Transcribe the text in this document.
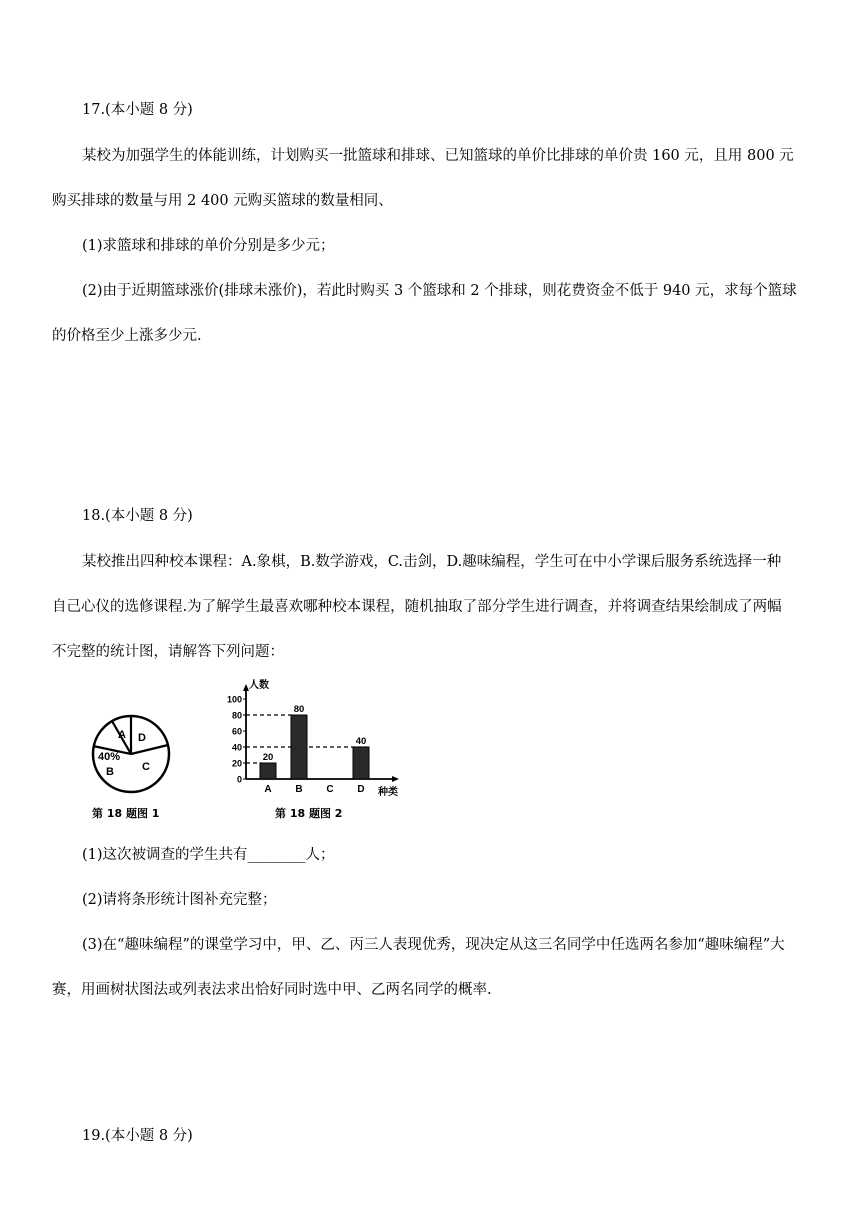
17.(本小题 8 分)
某校为加强学生的体能训练，计划购买一批篮球和排球、已知篮球的单价比排球的单价贵 160 元，且用 800 元
购买排球的数量与用 2 400 元购买篮球的数量相同、
(1)求篮球和排球的单价分别是多少元；
(2)由于近期篮球涨价(排球未涨价)，若此时购买 3 个篮球和 2 个排球，则花费资金不低于 940 元，求每个篮球
的价格至少上涨多少元.
18.(本小题 8 分)
某校推出四种校本课程：A.象棋，B.数学游戏，C.击剑，D.趣味编程，学生可在中小学课后服务系统选择一种
自己心仪的选修课程.为了解学生最喜欢哪种校本课程，随机抽取了部分学生进行调查，并将调查结果绘制成了两幅
不完整的统计图，请解答下列问题：
A D
40%
B	C
第 18 题图 1
人数
种类
0
20
40
60
80
100
20
80
40
A B C D
第 18 题图 2
(1)这次被调查的学生共有________人；
(2)请将条形统计图补充完整；
(3)在“趣味编程”的课堂学习中，甲、乙、丙三人表现优秀，现决定从这三名同学中任选两名参加“趣味编程”大
赛，用画树状图法或列表法求出恰好同时选中甲、乙两名同学的概率.
19.(本小题 8 分)
